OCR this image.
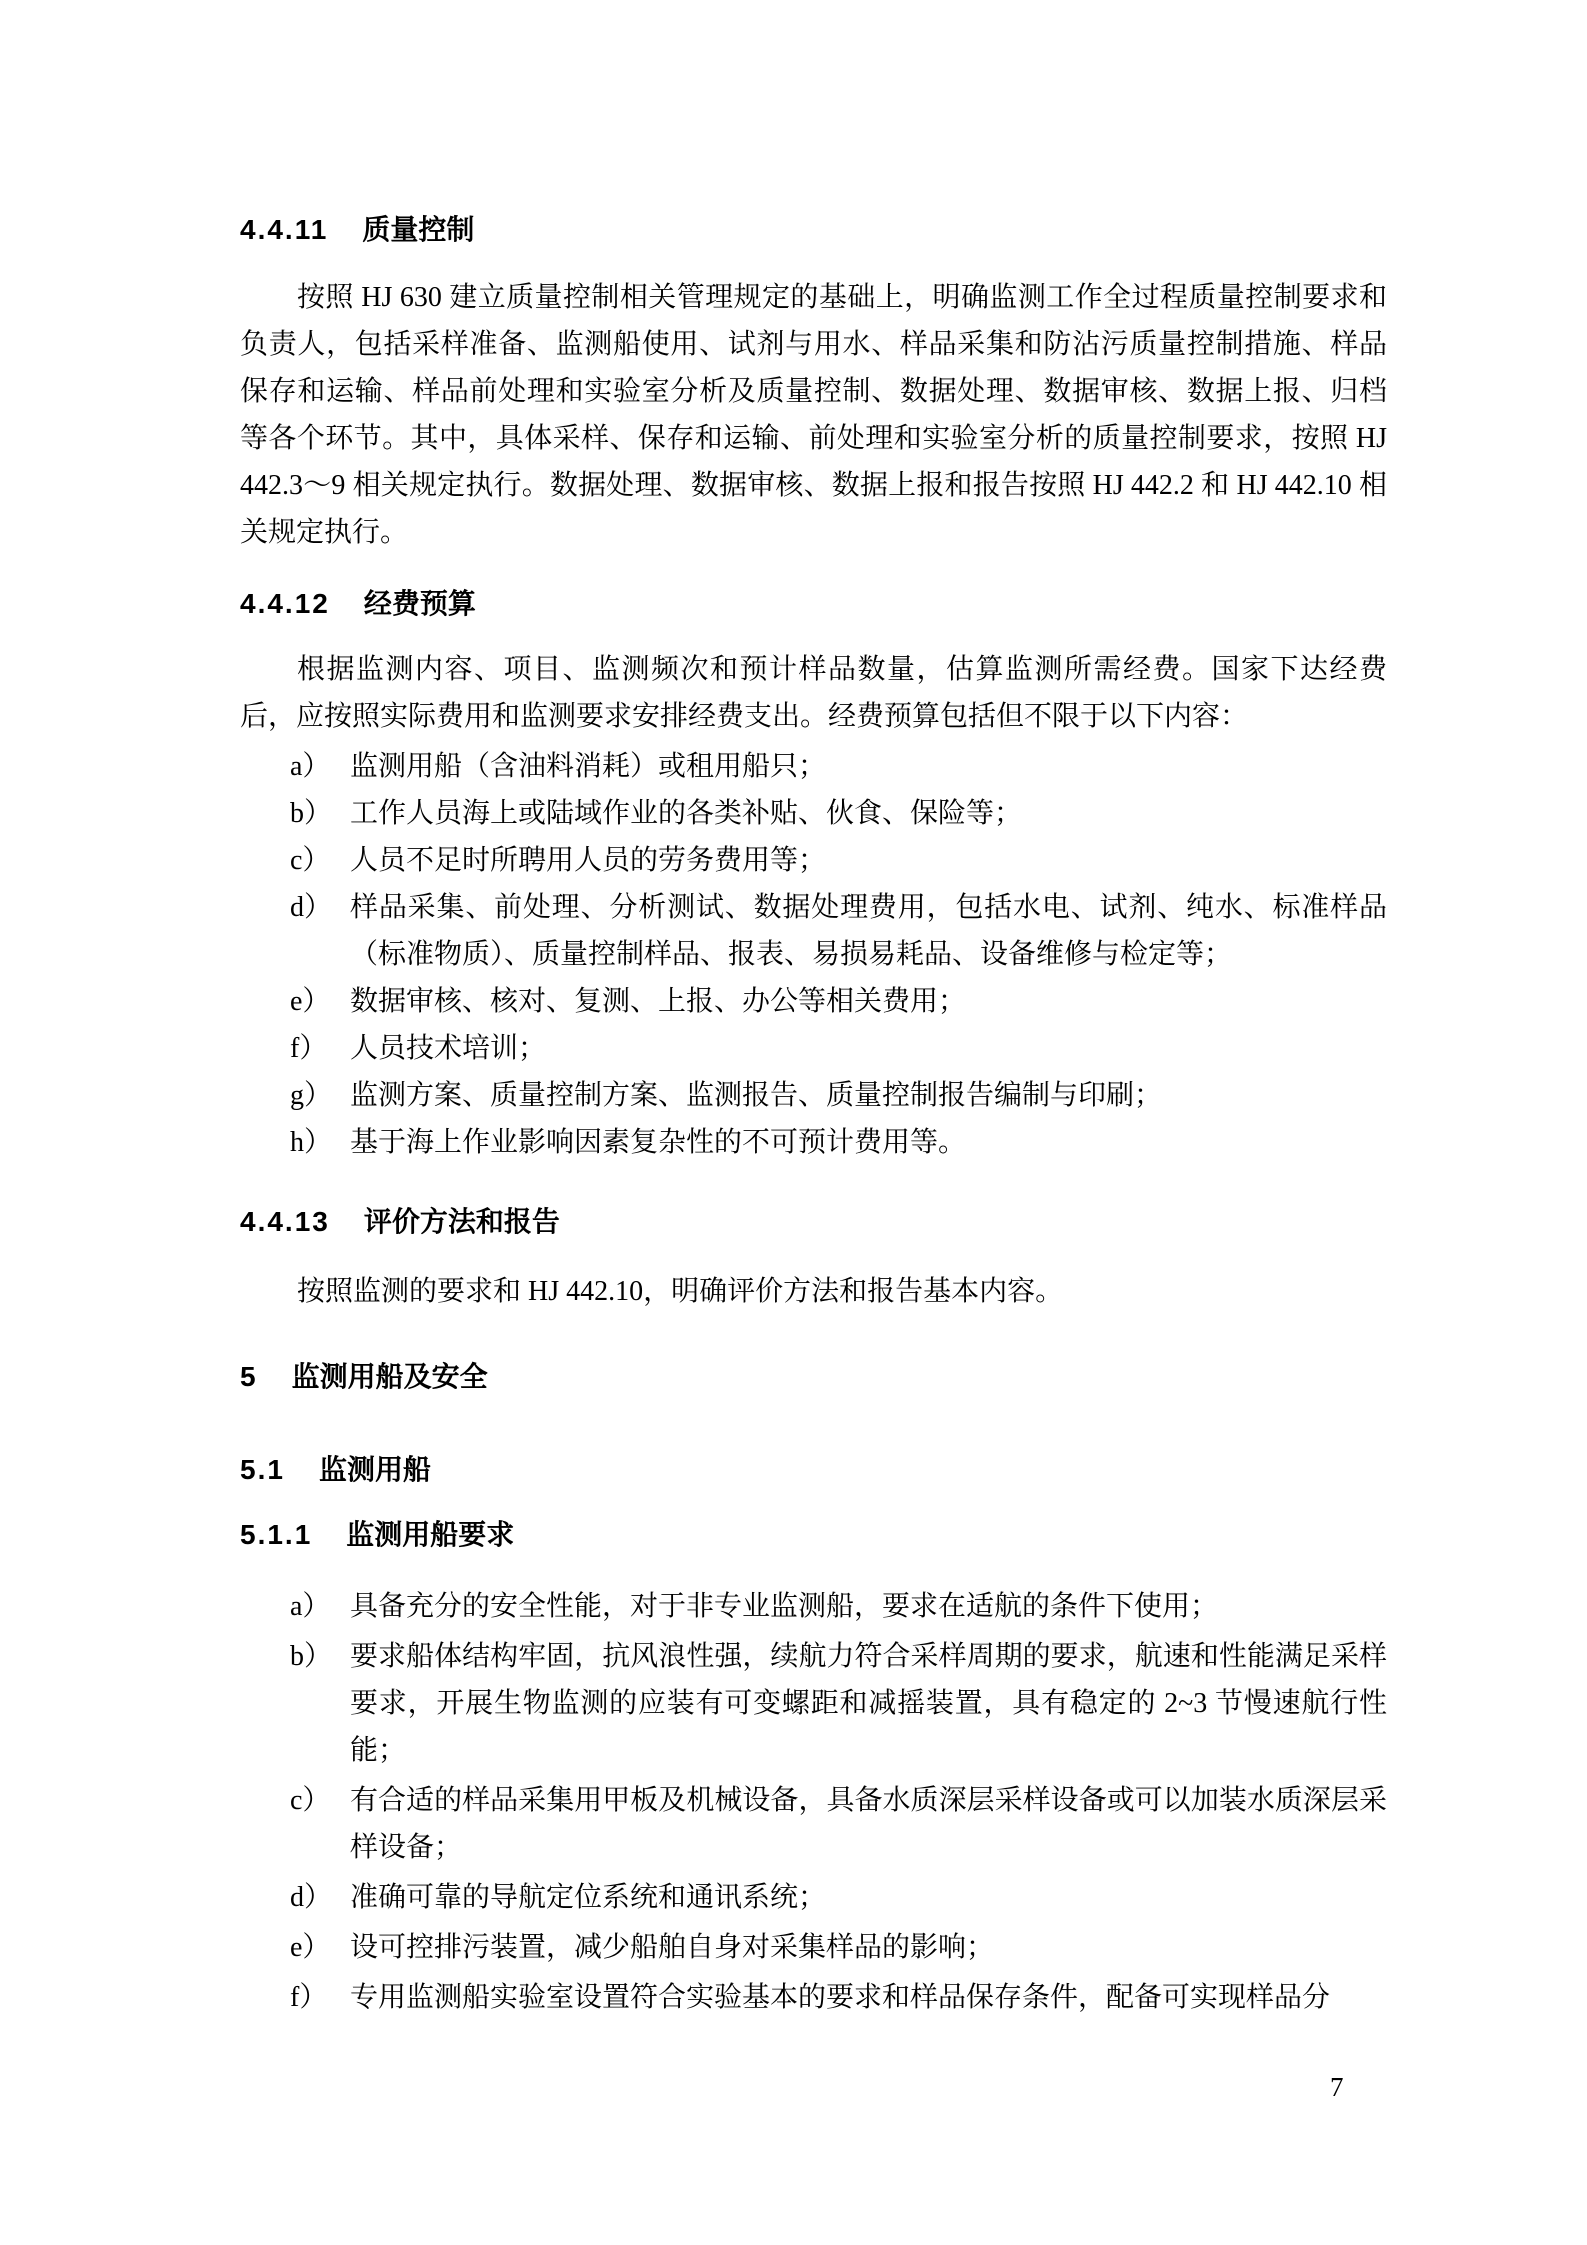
4.4.11 质量控制
按照 HJ 630 建立质量控制相关管理规定的基础上，明确监测工作全过程质量控制要求和负责人，包括采样准备、监测船使用、试剂与用水、样品采集和防沾污质量控制措施、样品保存和运输、样品前处理和实验室分析及质量控制、数据处理、数据审核、数据上报、归档等各个环节。其中，具体采样、保存和运输、前处理和实验室分析的质量控制要求，按照 HJ 442.3～9 相关规定执行。数据处理、数据审核、数据上报和报告按照 HJ 442.2 和 HJ 442.10 相关规定执行。
4.4.12 经费预算
根据监测内容、项目、监测频次和预计样品数量，估算监测所需经费。国家下达经费后，应按照实际费用和监测要求安排经费支出。经费预算包括但不限于以下内容：
a） 监测用船（含油料消耗）或租用船只；
b） 工作人员海上或陆域作业的各类补贴、伙食、保险等；
c） 人员不足时所聘用人员的劳务费用等；
d） 样品采集、前处理、分析测试、数据处理费用，包括水电、试剂、纯水、标准样品（标准物质）、质量控制样品、报表、易损易耗品、设备维修与检定等；
e） 数据审核、核对、复测、上报、办公等相关费用；
f） 人员技术培训；
g） 监测方案、质量控制方案、监测报告、质量控制报告编制与印刷；
h） 基于海上作业影响因素复杂性的不可预计费用等。
4.4.13 评价方法和报告
按照监测的要求和 HJ 442.10，明确评价方法和报告基本内容。
5 监测用船及安全
5.1 监测用船
5.1.1 监测用船要求
a） 具备充分的安全性能，对于非专业监测船，要求在适航的条件下使用；
b） 要求船体结构牢固，抗风浪性强，续航力符合采样周期的要求，航速和性能满足采样要求，开展生物监测的应装有可变螺距和减摇装置，具有稳定的 2~3 节慢速航行性能；
c） 有合适的样品采集用甲板及机械设备，具备水质深层采样设备或可以加装水质深层采样设备；
d） 准确可靠的导航定位系统和通讯系统；
e） 设可控排污装置，减少船舶自身对采集样品的影响；
f） 专用监测船实验室设置符合实验基本的要求和样品保存条件，配备可实现样品分
7
